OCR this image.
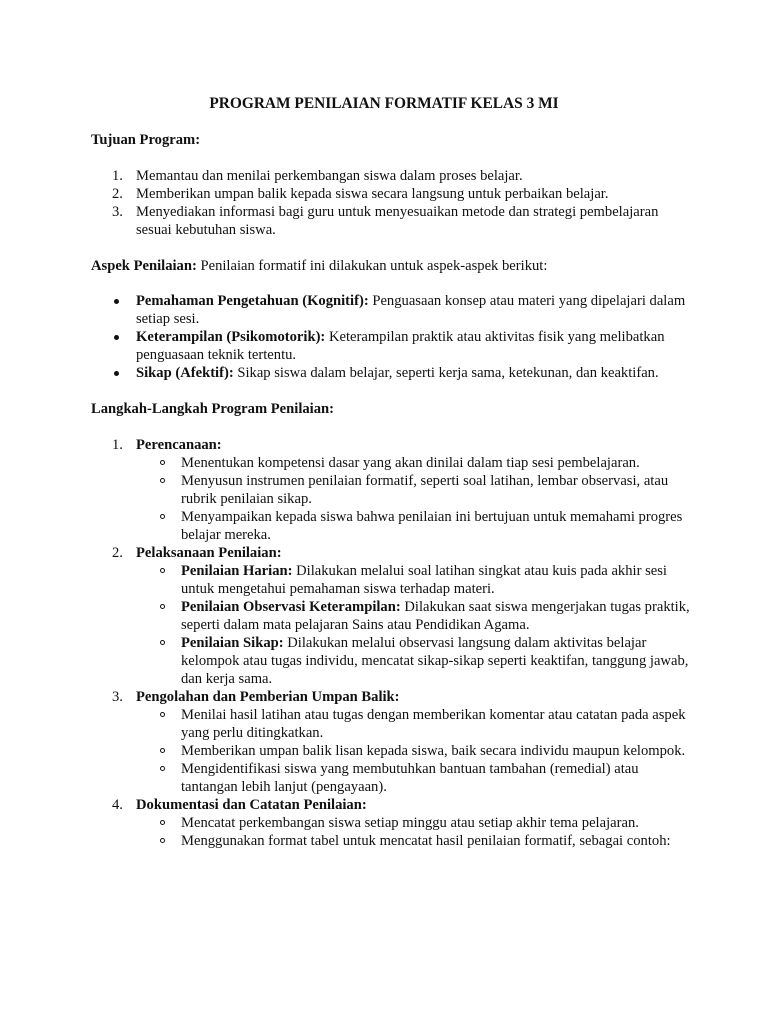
PROGRAM PENILAIAN FORMATIF KELAS 3 MI

Tujuan Program:

1. Memantau dan menilai perkembangan siswa dalam proses belajar.
2. Memberikan umpan balik kepada siswa secara langsung untuk perbaikan belajar.
3. Menyediakan informasi bagi guru untuk menyesuaikan metode dan strategi pembelajaran sesuai kebutuhan siswa.

Aspek Penilaian: Penilaian formatif ini dilakukan untuk aspek-aspek berikut:

Pemahaman Pengetahuan (Kognitif): Penguasaan konsep atau materi yang dipelajari dalam setiap sesi.
Keterampilan (Psikomotorik): Keterampilan praktik atau aktivitas fisik yang melibatkan penguasaan teknik tertentu.
Sikap (Afektif): Sikap siswa dalam belajar, seperti kerja sama, ketekunan, dan keaktifan.

Langkah-Langkah Program Penilaian:

1. Perencanaan:
Menentukan kompetensi dasar yang akan dinilai dalam tiap sesi pembelajaran.
Menyusun instrumen penilaian formatif, seperti soal latihan, lembar observasi, atau rubrik penilaian sikap.
Menyampaikan kepada siswa bahwa penilaian ini bertujuan untuk memahami progres belajar mereka.
2. Pelaksanaan Penilaian:
Penilaian Harian: Dilakukan melalui soal latihan singkat atau kuis pada akhir sesi untuk mengetahui pemahaman siswa terhadap materi.
Penilaian Observasi Keterampilan: Dilakukan saat siswa mengerjakan tugas praktik, seperti dalam mata pelajaran Sains atau Pendidikan Agama.
Penilaian Sikap: Dilakukan melalui observasi langsung dalam aktivitas belajar kelompok atau tugas individu, mencatat sikap-sikap seperti keaktifan, tanggung jawab, dan kerja sama.
3. Pengolahan dan Pemberian Umpan Balik:
Menilai hasil latihan atau tugas dengan memberikan komentar atau catatan pada aspek yang perlu ditingkatkan.
Memberikan umpan balik lisan kepada siswa, baik secara individu maupun kelompok.
Mengidentifikasi siswa yang membutuhkan bantuan tambahan (remedial) atau tantangan lebih lanjut (pengayaan).
4. Dokumentasi dan Catatan Penilaian:
Mencatat perkembangan siswa setiap minggu atau setiap akhir tema pelajaran.
Menggunakan format tabel untuk mencatat hasil penilaian formatif, sebagai contoh:
